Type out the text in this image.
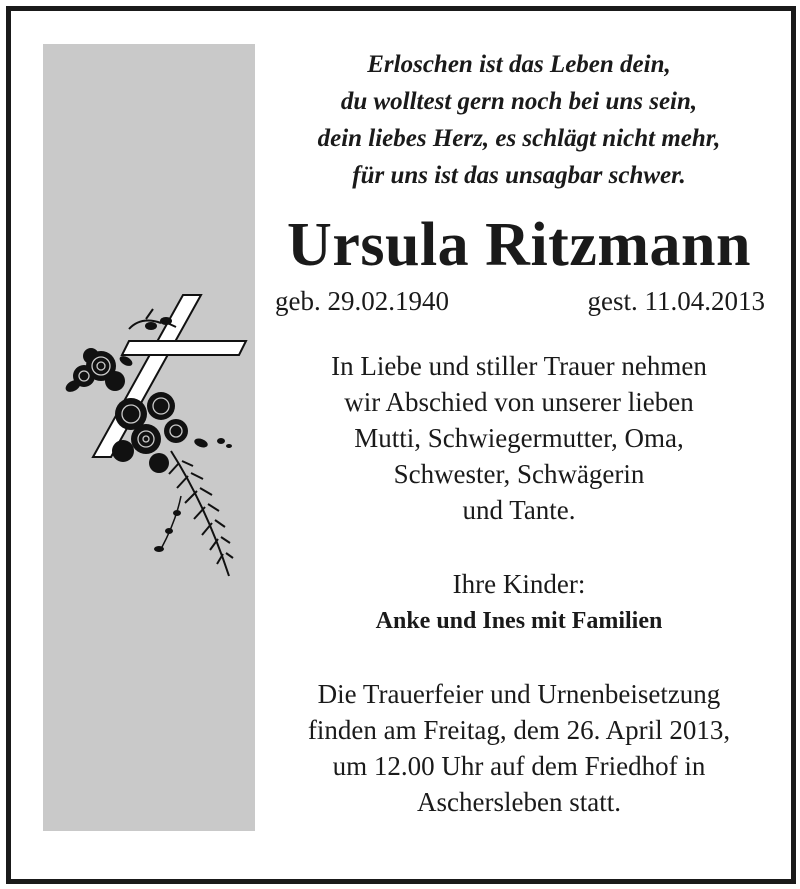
Erloschen ist das Leben dein,
du wolltest gern noch bei uns sein,
dein liebes Herz, es schlägt nicht mehr,
für uns ist das unsagbar schwer.
Ursula Ritzmann
geb. 29.02.1940	gest. 11.04.2013
In Liebe und stiller Trauer nehmen
wir Abschied von unserer lieben
Mutti, Schwiegermutter, Oma,
Schwester, Schwägerin
und Tante.
Ihre Kinder:
Anke und Ines mit Familien
Die Trauerfeier und Urnenbeisetzung
finden am Freitag, dem 26. April 2013,
um 12.00 Uhr auf dem Friedhof in
Aschersleben statt.
